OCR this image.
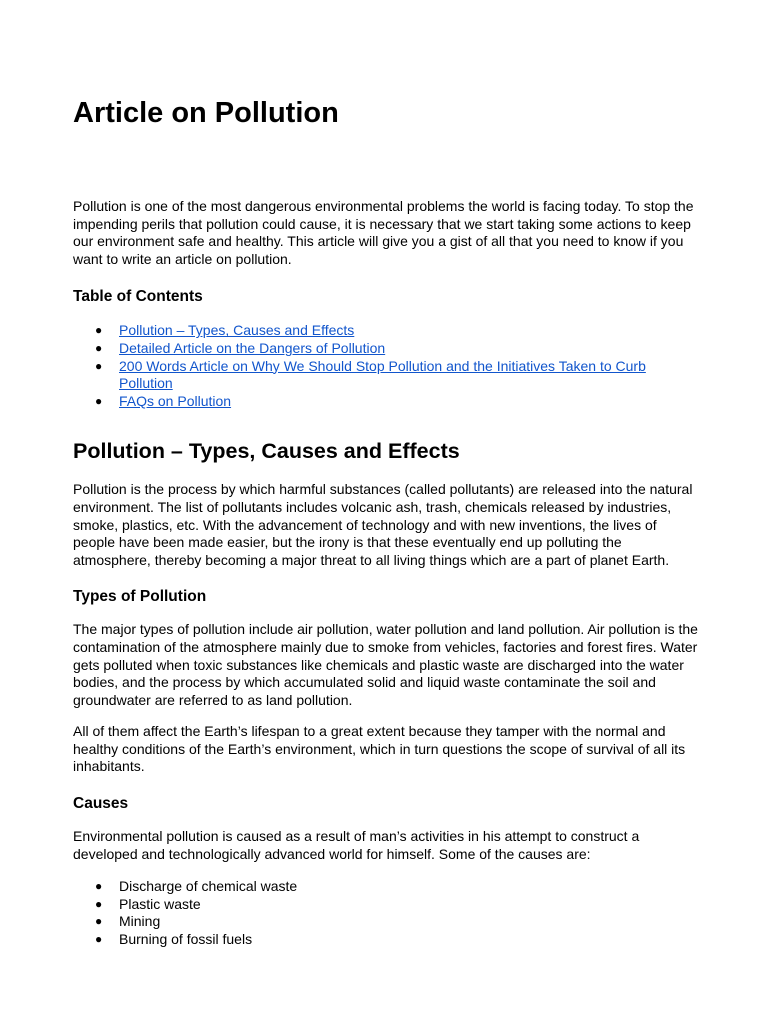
Article on Pollution

Pollution is one of the most dangerous environmental problems the world is facing today. To stop the impending perils that pollution could cause, it is necessary that we start taking some actions to keep our environment safe and healthy. This article will give you a gist of all that you need to know if you want to write an article on pollution.

Table of Contents
● Pollution – Types, Causes and Effects
● Detailed Article on the Dangers of Pollution
● 200 Words Article on Why We Should Stop Pollution and the Initiatives Taken to Curb Pollution
● FAQs on Pollution
Pollution – Types, Causes and Effects

Pollution is the process by which harmful substances (called pollutants) are released into the natural environment. The list of pollutants includes volcanic ash, trash, chemicals released by industries, smoke, plastics, etc. With the advancement of technology and with new inventions, the lives of people have been made easier, but the irony is that these eventually end up polluting the atmosphere, thereby becoming a major threat to all living things which are a part of planet Earth.

Types of Pollution

The major types of pollution include air pollution, water pollution and land pollution. Air pollution is the contamination of the atmosphere mainly due to smoke from vehicles, factories and forest fires. Water gets polluted when toxic substances like chemicals and plastic waste are discharged into the water bodies, and the process by which accumulated solid and liquid waste contaminate the soil and groundwater are referred to as land pollution.

All of them affect the Earth’s lifespan to a great extent because they tamper with the normal and healthy conditions of the Earth’s environment, which in turn questions the scope of survival of all its inhabitants.

Causes

Environmental pollution is caused as a result of man’s activities in his attempt to construct a developed and technologically advanced world for himself. Some of the causes are:

● Discharge of chemical waste
● Plastic waste
● Mining
● Burning of fossil fuels
